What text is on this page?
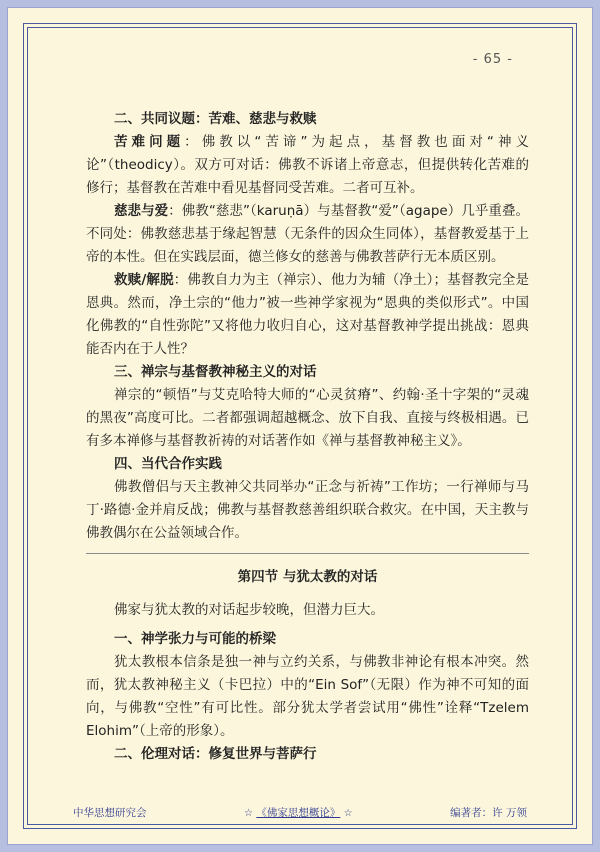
- 65 -

二、共同议题：苦难、慈悲与救赎

苦难问题：佛教以“苦谛”为起点，基督教也面对“神义论”（theodicy）。双方可对话：佛教不诉诸上帝意志，但提供转化苦难的修行；基督教在苦难中看见基督同受苦难。二者可互补。

慈悲与爱：佛教“慈悲”（karuṇā）与基督教“爱”（agape）几乎重叠。不同处：佛教慈悲基于缘起智慧（无条件的因众生同体），基督教爱基于上帝的本性。但在实践层面，德兰修女的慈善与佛教菩萨行无本质区别。

救赎/解脱：佛教自力为主（禅宗）、他力为辅（净土）；基督教完全是恩典。然而，净土宗的“他力”被一些神学家视为“恩典的类似形式”。中国化佛教的“自性弥陀”又将他力收归自心，这对基督教神学提出挑战：恩典能否内在于人性？

三、禅宗与基督教神秘主义的对话

禅宗的“顿悟”与艾克哈特大师的“心灵贫瘠”、约翰·圣十字架的“灵魂的黑夜”高度可比。二者都强调超越概念、放下自我、直接与终极相遇。已有多本禅修与基督教祈祷的对话著作如《禅与基督教神秘主义》。

四、当代合作实践

佛教僧侣与天主教神父共同举办“正念与祈祷”工作坊；一行禅师与马丁·路德·金并肩反战；佛教与基督教慈善组织联合救灾。在中国，天主教与佛教偶尔在公益领域合作。

第四节 与犹太教的对话

佛家与犹太教的对话起步较晚，但潜力巨大。

一、神学张力与可能的桥梁

犹太教根本信条是独一神与立约关系，与佛教非神论有根本冲突。然而，犹太教神秘主义（卡巴拉）中的“Ein Sof”（无限）作为神不可知的面向，与佛教“空性”有可比性。部分犹太学者尝试用“佛性”诠释“Tzelem Elohim”（上帝的形象）。

二、伦理对话：修复世界与菩萨行

中华思想研究会	☆ 《佛家思想概论》 ☆	编著者：许 万领
